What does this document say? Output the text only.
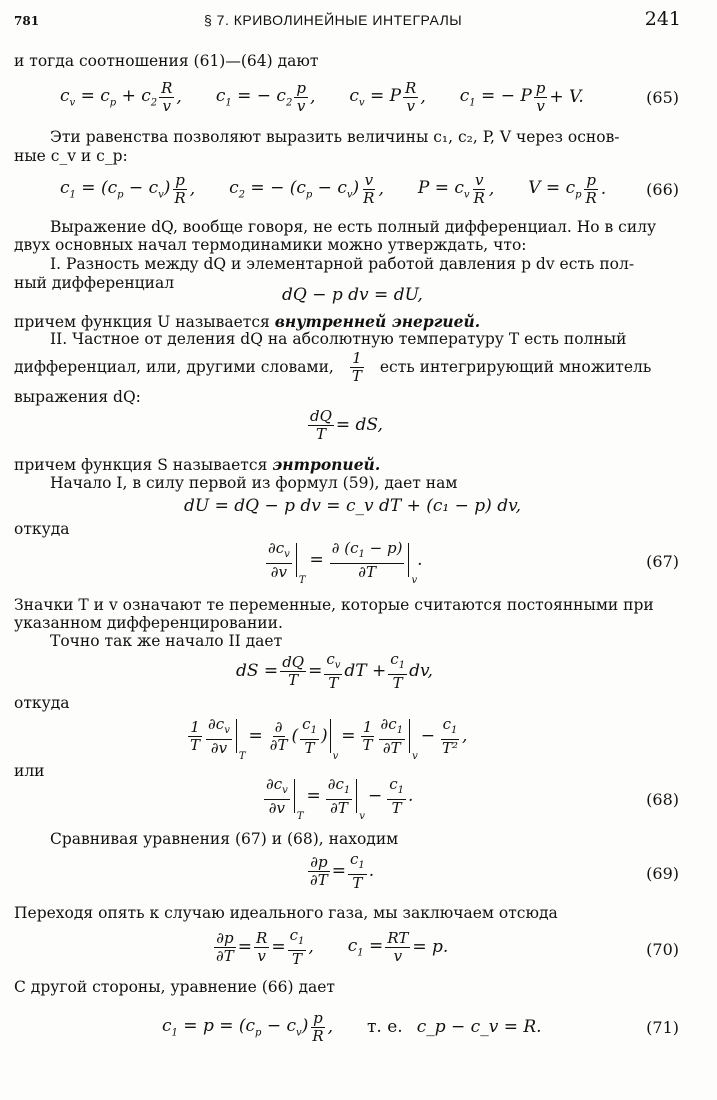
781	§ 7. КРИВОЛИНЕЙНЫЕ ИНТЕГРАЛЫ	241
и тогда соотношения (61)—(64) дают
$c_v = c_p + c_2 \frac{R}{v}$ , $c_1$ = − $c_2 \frac{p}{v}$ , $c_v = P \frac{R}{v}$ , $c_1$ = − P $\frac{p}{v} + V$.	(65)
Эти равенства позволяют выразить величины c₁, c₂, P, V через основ-
ные c_v и c_p:
$c_1 = (c_p - c_v) \frac{p}{R}$ , $c_2$ = − $(c_p - c_v) \frac{v}{R}$ , $P = c_v \frac{v}{R}$ , $V = c_p \frac{p}{R}$ . (66)
Выражение dQ, вообще говоря, не есть полный дифференциал. Но в силу
двух основных начал термодинамики можно утверждать, что:
I. Разность между dQ и элементарной работой давления p dv есть пол-
ный дифференциал
dQ − p dv = dU,
причем функция U называется внутренней энергией.
II. Частное от деления dQ на абсолютную температуру T есть полный
дифференциал, или, другими словами, $\frac{1}{T}$ есть интегрирующий множитель
выражения dQ:
$\frac{dQ}{T}$ = dS,
причем функция S называется энтропией.
Начало I, в силу первой из формул (59), дает нам
dU = dQ − p dv = c_v dT + (c₁ − p) dv,
откуда
$\frac{\partial c_v}{\partial v} _T$
= $\frac{\partial (c_1 - p)}{\partial T} _v$
.	(67)
Значки T и v означают те переменные, которые считаются постоянными при
указанном дифференцировании.
Точно так же начало II дает
dS = $\frac{dQ}{T} = \frac{c_v}{T}$ dT + $\frac{c_1}{T}$ dv,
откуда
$\frac{1}{T} \frac{\partial c_v}{\partial v} _T$
= $\frac{\partial}{\partial T}$ ( $\frac{c_1}{T}$ )
$_v$
= $\frac{1}{T} \frac{\partial c_1}{\partial T} _v$
− $\frac{c_1}{\text{T²}}$ ,
или
$\frac{\partial c_v}{\partial v} _T$
= $\frac{\partial c_1}{\partial T} _v$
− $\frac{c_1}{T}$ .	(68)
Сравнивая уравнения (67) и (68), находим
$\frac{\partial p}{\partial T} = \frac{c_1}{T}$ .	(69)
Переходя опять к случаю идеального газа, мы заключаем отсюда
$\frac{\partial p}{\partial T} = \frac{R}{v} = \frac{c_1}{T}$ , $c_1 = \frac{RT}{v} = p$.	(70)
С другой стороны, уравнение (66) дает
$c_1 = p = (c_p - c_v) \frac{p}{R}$ , т. е. c_p − c_v = R.	(71)
